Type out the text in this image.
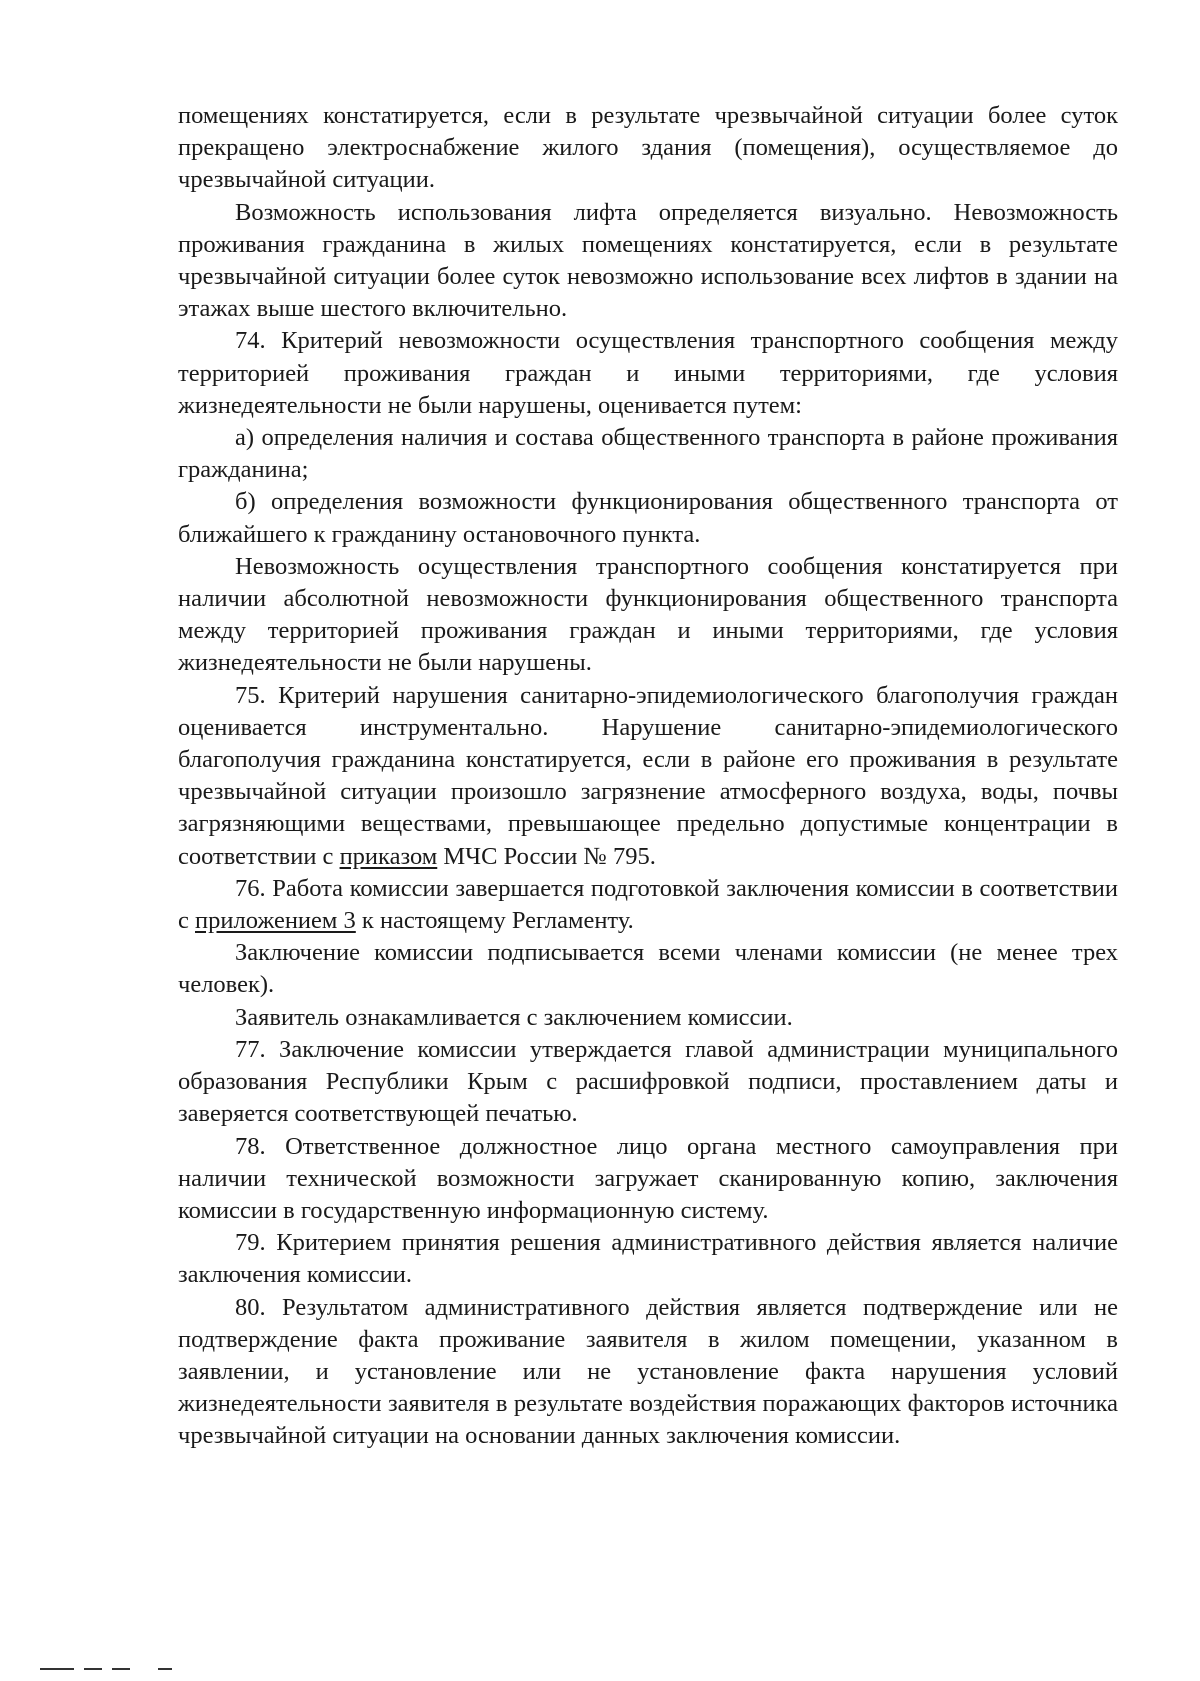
помещениях констатируется, если в результате чрезвычайной ситуации более суток прекращено электроснабжение жилого здания (помещения), осуществляемое до чрезвычайной ситуации.

Возможность использования лифта определяется визуально. Невозможность проживания гражданина в жилых помещениях констатируется, если в результате чрезвычайной ситуации более суток невозможно использование всех лифтов в здании на этажах выше шестого включительно.

74. Критерий невозможности осуществления транспортного сообщения между территорией проживания граждан и иными территориями, где условия жизнедеятельности не были нарушены, оценивается путем:

а) определения наличия и состава общественного транспорта в районе проживания гражданина;

б) определения возможности функционирования общественного транспорта от ближайшего к гражданину остановочного пункта.

Невозможность осуществления транспортного сообщения констатируется при наличии абсолютной невозможности функционирования общественного транспорта между территорией проживания граждан и иными территориями, где условия жизнедеятельности не были нарушены.

75. Критерий нарушения санитарно-эпидемиологического благополучия граждан оценивается инструментально. Нарушение санитарно-эпидемиологического благополучия гражданина констатируется, если в районе его проживания в результате чрезвычайной ситуации произошло загрязнение атмосферного воздуха, воды, почвы загрязняющими веществами, превышающее предельно допустимые концентрации в соответствии с приказом МЧС России № 795.

76. Работа комиссии завершается подготовкой заключения комиссии в соответствии с приложением 3 к настоящему Регламенту.

Заключение комиссии подписывается всеми членами комиссии (не менее трех человек).

Заявитель ознакамливается с заключением комиссии.

77. Заключение комиссии утверждается главой администрации муниципального образования Республики Крым с расшифровкой подписи, проставлением даты и заверяется соответствующей печатью.

78. Ответственное должностное лицо органа местного самоуправления при наличии технической возможности загружает сканированную копию, заключения комиссии в государственную информационную систему.

79. Критерием принятия решения административного действия является наличие заключения комиссии.

80. Результатом административного действия является подтверждение или не подтверждение факта проживание заявителя в жилом помещении, указанном в заявлении, и установление или не установление факта нарушения условий жизнедеятельности заявителя в результате воздействия поражающих факторов источника чрезвычайной ситуации на основании данных заключения комиссии.
